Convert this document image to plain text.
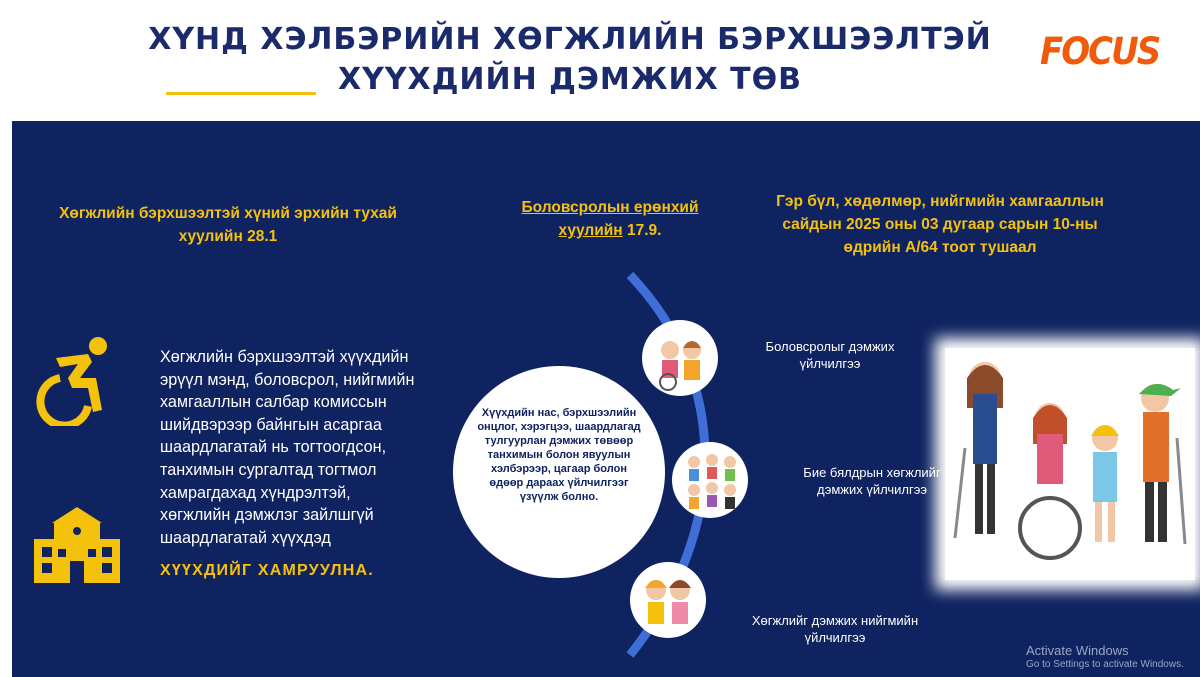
ХҮНД ХЭЛБЭРИЙН ХӨГЖЛИЙН БЭРХШЭЭЛТЭЙ
ХҮҮХДИЙН ДЭМЖИХ ТӨВ
FOCUS
Хөгжлийн бэрхшээлтэй хүний эрхийн тухай хуулийн 28.1
Боловсролын ерөнхий
хуулийн 17.9.
Гэр бүл, хөдөлмөр, нийгмийн хамгааллын сайдын 2025 оны 03 дугаар сарын 10-ны өдрийн А/64 тоот тушаал
Хөгжлийн бэрхшээлтэй хүүхдийн эрүүл мэнд, боловсрол, нийгмийн хамгааллын салбар комиссын шийдвэрээр байнгын асаргаа шаардлагатай нь тогтоогдсон, танхимын сургалтад тогтмол хамрагдахад хүндрэлтэй, хөгжлийн дэмжлэг зайлшгүй шаардлагатай хүүхдэд
ХҮҮХДИЙГ ХАМРУУЛНА.
Хүүхдийн нас, бэрхшээлийн онцлог, хэрэгцээ, шаардлагад тулгуурлан дэмжих төвөөр танхимын болон явуулын хэлбэрээр, цагаар болон өдөөр дараах үйлчилгээг үзүүлж болно.
Боловсролыг дэмжих үйлчилгээ
Бие бялдрын хөгжлийг дэмжих үйлчилгээ
Хөгжлийг дэмжих нийгмийн үйлчилгээ
Activate Windows
Go to Settings to activate Windows.
